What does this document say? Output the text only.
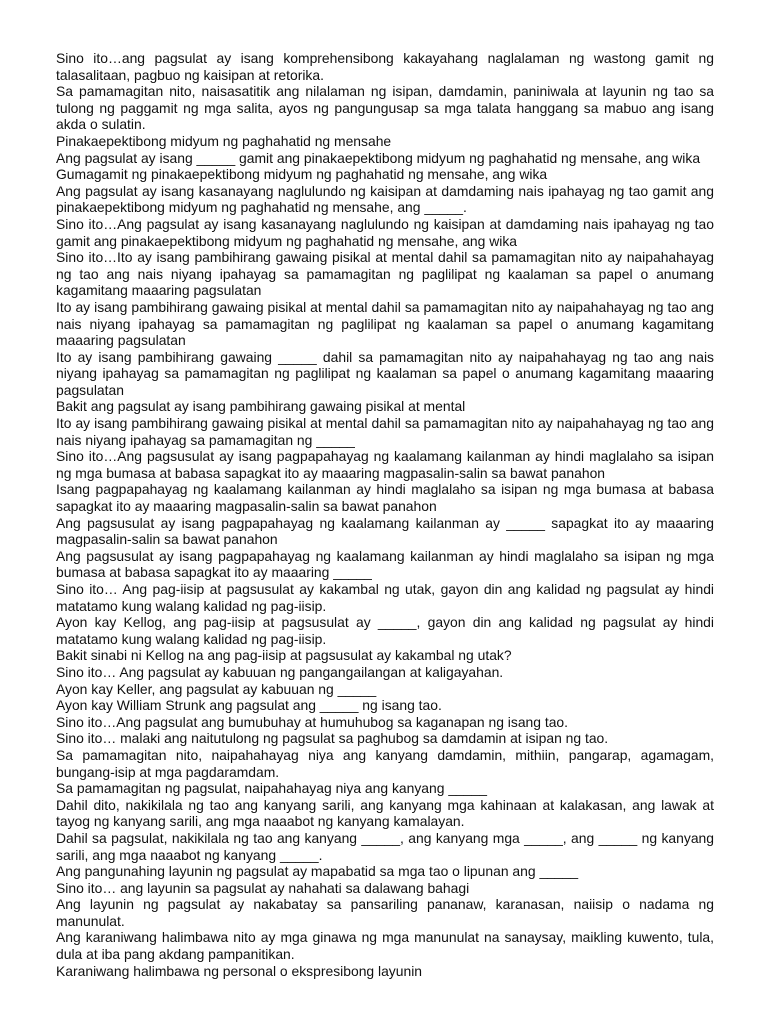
Sino ito…ang pagsulat ay isang komprehensibong kakayahang naglalaman ng wastong gamit ng talasalitaan, pagbuo ng kaisipan at retorika.

Sa pamamagitan nito, naisasatitik ang nilalaman ng isipan, damdamin, paniniwala at layunin ng tao sa tulong ng paggamit ng mga salita, ayos ng pangungusap sa mga talata hanggang sa mabuo ang isang akda o sulatin.

Pinakaepektibong midyum ng paghahatid ng mensahe

Ang pagsulat ay isang _____ gamit ang pinakaepektibong midyum ng paghahatid ng mensahe, ang wika

Gumagamit ng pinakaepektibong midyum ng paghahatid ng mensahe, ang wika

Ang pagsulat ay isang kasanayang naglulundo ng kaisipan at damdaming nais ipahayag ng tao gamit ang pinakaepektibong midyum ng paghahatid ng mensahe, ang _____.

Sino ito…Ang pagsulat ay isang kasanayang naglulundo ng kaisipan at damdaming nais ipahayag ng tao gamit ang pinakaepektibong midyum ng paghahatid ng mensahe, ang wika

Sino ito…Ito ay isang pambihirang gawaing pisikal at mental dahil sa pamamagitan nito ay naipahahayag ng tao ang nais niyang ipahayag sa pamamagitan ng paglilipat ng kaalaman sa papel o anumang kagamitang maaaring pagsulatan

Ito ay isang pambihirang gawaing pisikal at mental dahil sa pamamagitan nito ay naipahahayag ng tao ang nais niyang ipahayag sa pamamagitan ng paglilipat ng kaalaman sa papel o anumang kagamitang maaaring pagsulatan

Ito ay isang pambihirang gawaing _____ dahil sa pamamagitan nito ay naipahahayag ng tao ang nais niyang ipahayag sa pamamagitan ng paglilipat ng kaalaman sa papel o anumang kagamitang maaaring pagsulatan

Bakit ang pagsulat ay isang pambihirang gawaing pisikal at mental

Ito ay isang pambihirang gawaing pisikal at mental dahil sa pamamagitan nito ay naipahahayag ng tao ang nais niyang ipahayag sa pamamagitan ng _____

Sino ito…Ang pagsusulat ay isang pagpapahayag ng kaalamang kailanman ay hindi maglalaho sa isipan ng mga bumasa at babasa sapagkat ito ay maaaring magpasalin-salin sa bawat panahon

Isang pagpapahayag ng kaalamang kailanman ay hindi maglalaho sa isipan ng mga bumasa at babasa sapagkat ito ay maaaring magpasalin-salin sa bawat panahon

Ang pagsusulat ay isang pagpapahayag ng kaalamang kailanman ay _____ sapagkat ito ay maaaring magpasalin-salin sa bawat panahon

Ang pagsusulat ay isang pagpapahayag ng kaalamang kailanman ay hindi maglalaho sa isipan ng mga bumasa at babasa sapagkat ito ay maaaring _____

Sino ito… Ang pag-iisip at pagsusulat ay kakambal ng utak, gayon din ang kalidad ng pagsulat ay hindi matatamo kung walang kalidad ng pag-iisip.

Ayon kay Kellog, ang pag-iisip at pagsusulat ay _____, gayon din ang kalidad ng pagsulat ay hindi matatamo kung walang kalidad ng pag-iisip.

Bakit sinabi ni Kellog na ang pag-iisip at pagsusulat ay kakambal ng utak?

Sino ito… Ang pagsulat ay kabuuan ng pangangailangan at kaligayahan.

Ayon kay Keller, ang pagsulat ay kabuuan ng _____

Ayon kay William Strunk ang pagsulat ang _____ ng isang tao.

Sino ito…Ang pagsulat ang bumubuhay at humuhubog sa kaganapan ng isang tao.

Sino ito… malaki ang naitutulong ng pagsulat sa paghubog sa damdamin at isipan ng tao.

Sa pamamagitan nito, naipahahayag niya ang kanyang damdamin, mithiin, pangarap, agamagam, bungang-isip at mga pagdaramdam.

Sa pamamagitan ng pagsulat, naipahahayag niya ang kanyang _____

Dahil dito, nakikilala ng tao ang kanyang sarili, ang kanyang mga kahinaan at kalakasan, ang lawak at tayog ng kanyang sarili, ang mga naaabot ng kanyang kamalayan.

Dahil sa pagsulat, nakikilala ng tao ang kanyang _____, ang kanyang mga _____, ang _____ ng kanyang sarili, ang mga naaabot ng kanyang _____.

Ang pangunahing layunin ng pagsulat ay mapabatid sa mga tao o lipunan ang _____

Sino ito… ang layunin sa pagsulat ay nahahati sa dalawang bahagi

Ang layunin ng pagsulat ay nakabatay sa pansariling pananaw, karanasan, naiisip o nadama ng manunulat.

Ang karaniwang halimbawa nito ay mga ginawa ng mga manunulat na sanaysay, maikling kuwento, tula, dula at iba pang akdang pampanitikan.

Karaniwang halimbawa ng personal o ekspresibong layunin
